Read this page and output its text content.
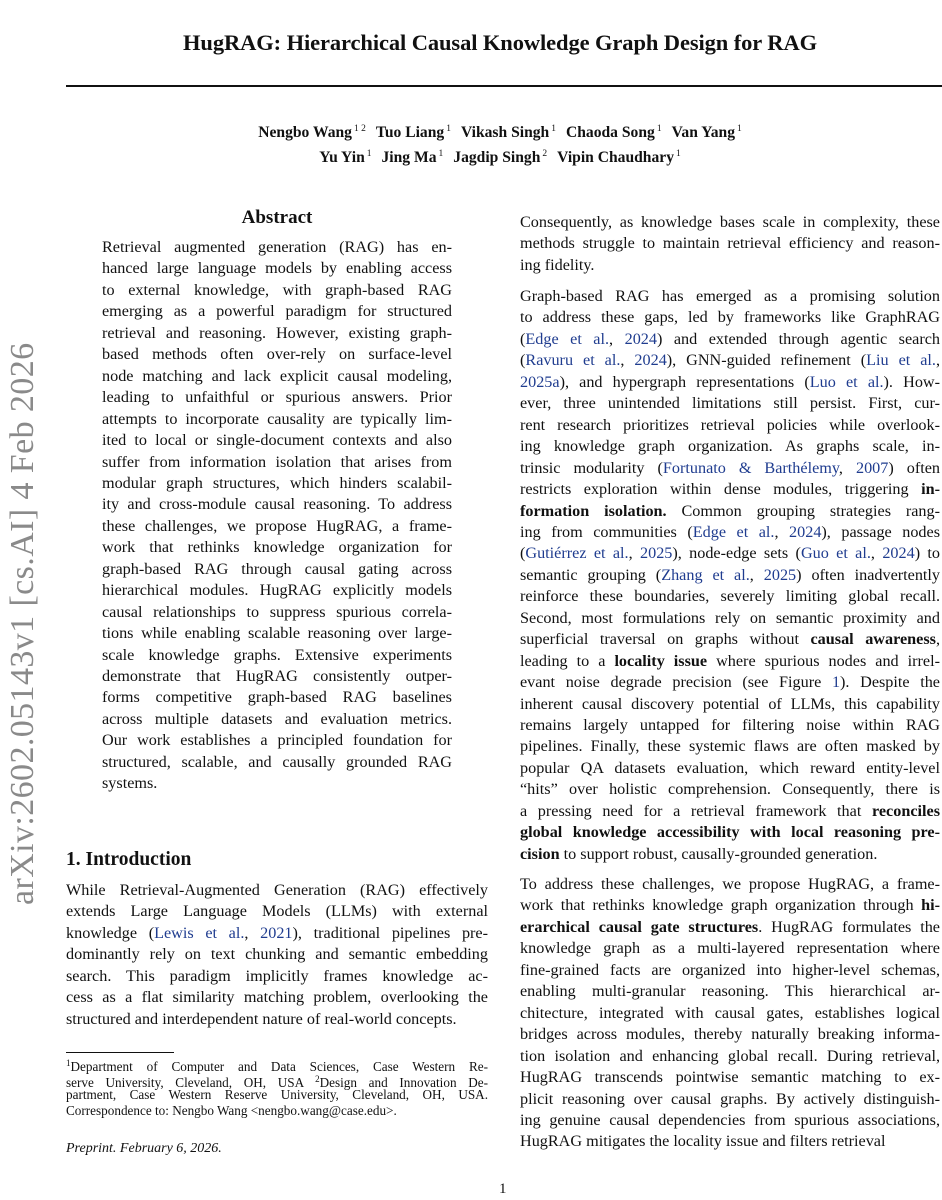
HugRAG: Hierarchical Causal Knowledge Graph Design for RAG
Nengbo Wang $^{1 2}$ Tuo Liang $^1$ Vikash Singh $^1$ Chaoda Song $^1$ Van Yang $^1$
Yu Yin $^1$ Jing Ma $^1$ Jagdip Singh $^2$ Vipin Chaudhary $^1$
arXiv:2602.05143v1 [cs.AI] 4 Feb 2026
Abstract
Retrieval augmented generation (RAG) has en-
hanced large language models by enabling access
to external knowledge, with graph-based RAG
emerging as a powerful paradigm for structured
retrieval and reasoning. However, existing graph-
based methods often over-rely on surface-level
node matching and lack explicit causal modeling,
leading to unfaithful or spurious answers. Prior
attempts to incorporate causality are typically lim-
ited to local or single-document contexts and also
suffer from information isolation that arises from
modular graph structures, which hinders scalabil-
ity and cross-module causal reasoning. To address
these challenges, we propose HugRAG, a frame-
work that rethinks knowledge organization for
graph-based RAG through causal gating across
hierarchical modules. HugRAG explicitly models
causal relationships to suppress spurious correla-
tions while enabling scalable reasoning over large-
scale knowledge graphs. Extensive experiments
demonstrate that HugRAG consistently outper-
forms competitive graph-based RAG baselines
across multiple datasets and evaluation metrics.
Our work establishes a principled foundation for
structured, scalable, and causally grounded RAG
systems.
1. Introduction
While Retrieval-Augmented Generation (RAG) effectively
extends Large Language Models (LLMs) with external
knowledge (Lewis et al., 2021), traditional pipelines pre-
dominantly rely on text chunking and semantic embedding
search. This paradigm implicitly frames knowledge ac-
cess as a flat similarity matching problem, overlooking the
structured and interdependent nature of real-world concepts.
$^1$Department of Computer and Data Sciences, Case Western Re-
serve University, Cleveland, OH, USA $^2$Design and Innovation De-
partment, Case Western Reserve University, Cleveland, OH, USA.
Correspondence to: Nengbo Wang <nengbo.wang@case.edu>.
Preprint. February 6, 2026.
Consequently, as knowledge bases scale in complexity, these
methods struggle to maintain retrieval efficiency and reason-
ing fidelity.
Graph-based RAG has emerged as a promising solution
to address these gaps, led by frameworks like GraphRAG
(Edge et al., 2024) and extended through agentic search
(Ravuru et al., 2024), GNN-guided refinement (Liu et al.,
2025a), and hypergraph representations (Luo et al.). How-
ever, three unintended limitations still persist. First, cur-
rent research prioritizes retrieval policies while overlook-
ing knowledge graph organization. As graphs scale, in-
trinsic modularity (Fortunato & Barthélemy, 2007) often
restricts exploration within dense modules, triggering in-
formation isolation. Common grouping strategies rang-
ing from communities (Edge et al., 2024), passage nodes
(Gutiérrez et al., 2025), node-edge sets (Guo et al., 2024) to
semantic grouping (Zhang et al., 2025) often inadvertently
reinforce these boundaries, severely limiting global recall.
Second, most formulations rely on semantic proximity and
superficial traversal on graphs without causal awareness,
leading to a locality issue where spurious nodes and irrel-
evant noise degrade precision (see Figure 1). Despite the
inherent causal discovery potential of LLMs, this capability
remains largely untapped for filtering noise within RAG
pipelines. Finally, these systemic flaws are often masked by
popular QA datasets evaluation, which reward entity-level
“hits” over holistic comprehension. Consequently, there is
a pressing need for a retrieval framework that reconciles
global knowledge accessibility with local reasoning pre-
cision to support robust, causally-grounded generation.
To address these challenges, we propose HugRAG, a frame-
work that rethinks knowledge graph organization through hi-
erarchical causal gate structures. HugRAG formulates the
knowledge graph as a multi-layered representation where
fine-grained facts are organized into higher-level schemas,
enabling multi-granular reasoning. This hierarchical ar-
chitecture, integrated with causal gates, establishes logical
bridges across modules, thereby naturally breaking informa-
tion isolation and enhancing global recall. During retrieval,
HugRAG transcends pointwise semantic matching to ex-
plicit reasoning over causal graphs. By actively distinguish-
ing genuine causal dependencies from spurious associations,
HugRAG mitigates the locality issue and filters retrieval
1
